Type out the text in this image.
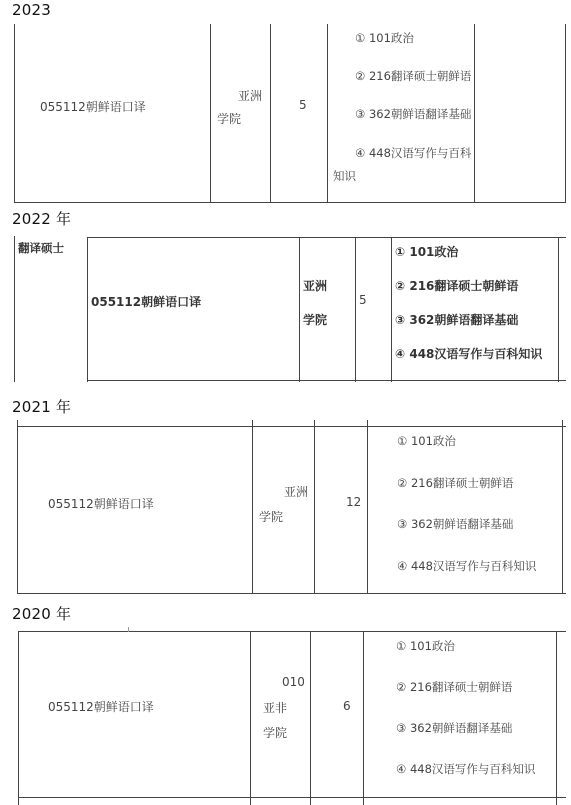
2023
055112朝鲜语口译
亚洲
学院
5
① 101政治
② 216翻译硕士朝鲜语
③ 362朝鲜语翻译基础
④ 448汉语写作与百科
知识
2022 年
翻译硕士
055112朝鲜语口译
亚洲
学院
5
① 101政治
② 216翻译硕士朝鲜语
③ 362朝鲜语翻译基础
④ 448汉语写作与百科知识
2021 年
055112朝鲜语口译
亚洲
学院
12
① 101政治
② 216翻译硕士朝鲜语
③ 362朝鲜语翻译基础
④ 448汉语写作与百科知识
2020 年
055112朝鲜语口译
010
亚非
学院
6
① 101政治
② 216翻译硕士朝鲜语
③ 362朝鲜语翻译基础
④ 448汉语写作与百科知识
